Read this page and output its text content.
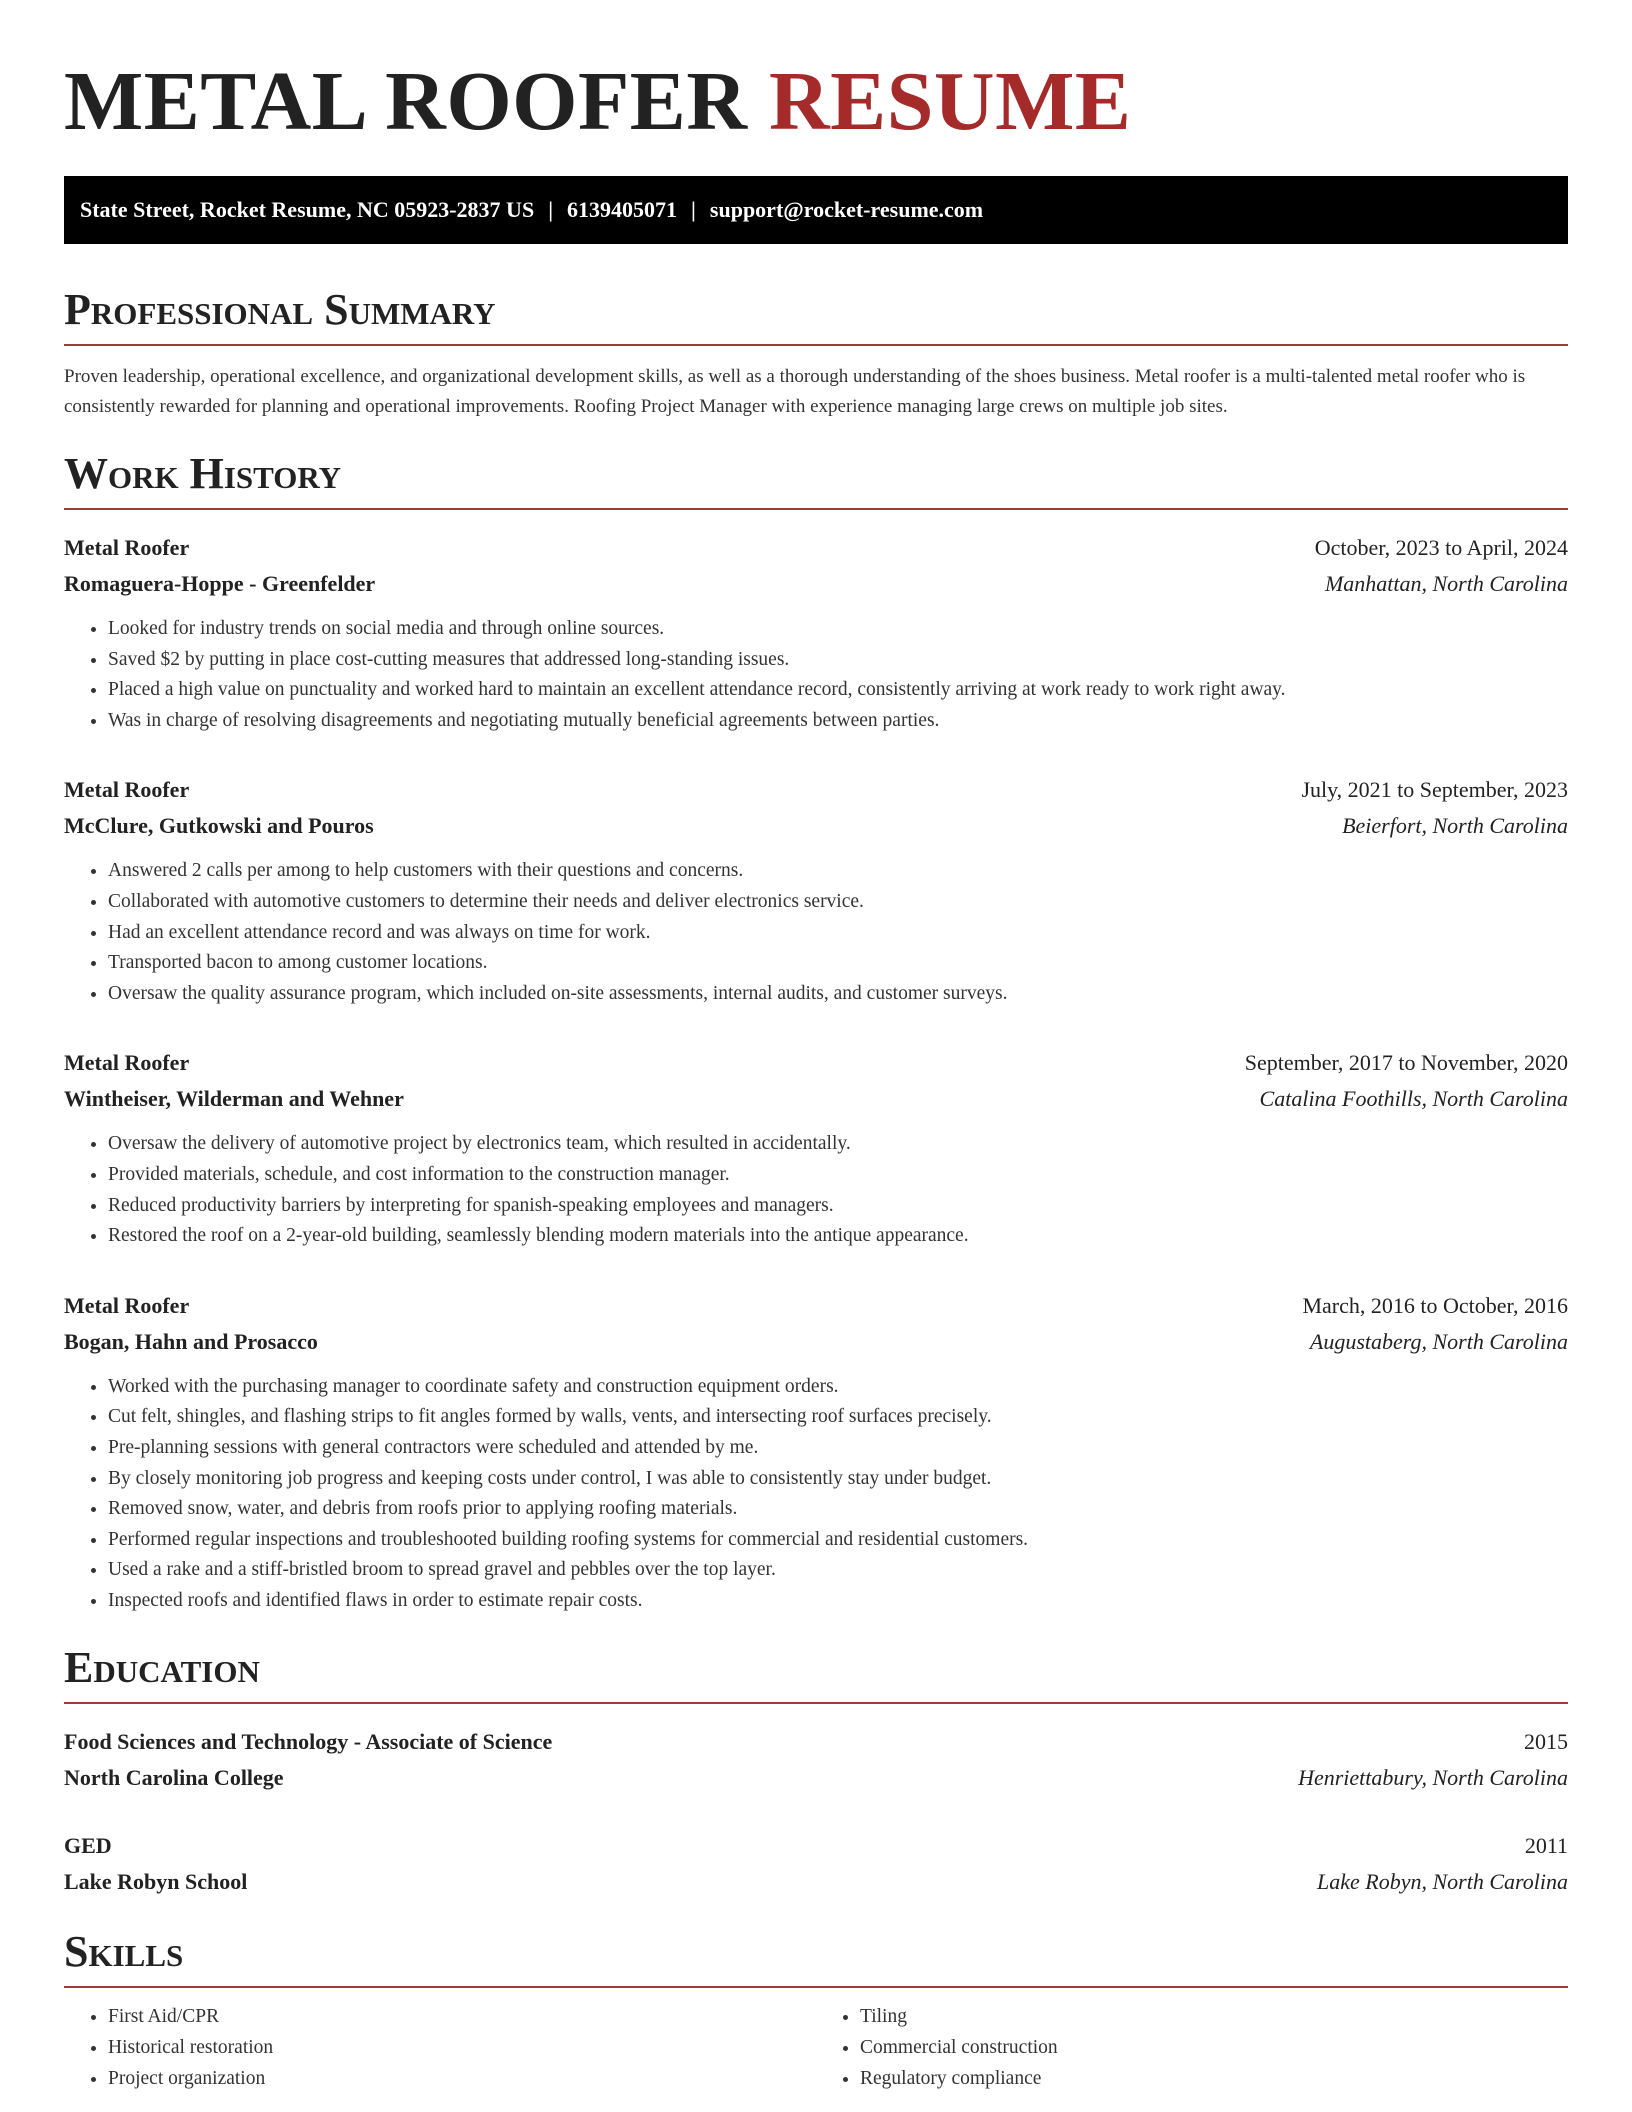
METAL ROOFER RESUME
State Street, Rocket Resume, NC 05923-2837 US | 6139405071 | support@rocket-resume.com
Professional Summary

Proven leadership, operational excellence, and organizational development skills, as well as a thorough understanding of the shoes business. Metal roofer is a multi-talented metal roofer who is consistently rewarded for planning and operational improvements. Roofing Project Manager with experience managing large crews on multiple job sites.

Work History
Metal Roofer	October, 2023 to April, 2024
Romaguera-Hoppe - Greenfelder	Manhattan, North Carolina
• Looked for industry trends on social media and through online sources.
• Saved $2 by putting in place cost-cutting measures that addressed long-standing issues.
• Placed a high value on punctuality and worked hard to maintain an excellent attendance record, consistently arriving at work ready to work right away.
• Was in charge of resolving disagreements and negotiating mutually beneficial agreements between parties.
Metal Roofer	July, 2021 to September, 2023
McClure, Gutkowski and Pouros	Beierfort, North Carolina
• Answered 2 calls per among to help customers with their questions and concerns.
• Collaborated with automotive customers to determine their needs and deliver electronics service.
• Had an excellent attendance record and was always on time for work.
• Transported bacon to among customer locations.
• Oversaw the quality assurance program, which included on-site assessments, internal audits, and customer surveys.
Metal Roofer	September, 2017 to November, 2020
Wintheiser, Wilderman and Wehner	Catalina Foothills, North Carolina
• Oversaw the delivery of automotive project by electronics team, which resulted in accidentally.
• Provided materials, schedule, and cost information to the construction manager.
• Reduced productivity barriers by interpreting for spanish-speaking employees and managers.
• Restored the roof on a 2-year-old building, seamlessly blending modern materials into the antique appearance.
Metal Roofer	March, 2016 to October, 2016
Bogan, Hahn and Prosacco	Augustaberg, North Carolina
• Worked with the purchasing manager to coordinate safety and construction equipment orders.
• Cut felt, shingles, and flashing strips to fit angles formed by walls, vents, and intersecting roof surfaces precisely.
• Pre-planning sessions with general contractors were scheduled and attended by me.
• By closely monitoring job progress and keeping costs under control, I was able to consistently stay under budget.
• Removed snow, water, and debris from roofs prior to applying roofing materials.
• Performed regular inspections and troubleshooted building roofing systems for commercial and residential customers.
• Used a rake and a stiff-bristled broom to spread gravel and pebbles over the top layer.
• Inspected roofs and identified flaws in order to estimate repair costs.
Education
Food Sciences and Technology - Associate of Science	2015
North Carolina College	Henriettabury, North Carolina
GED	2011
Lake Robyn School	Lake Robyn, North Carolina
Skills
• First Aid/CPR
• Historical restoration
• Project organization
• Tiling
• Commercial construction
• Regulatory compliance
